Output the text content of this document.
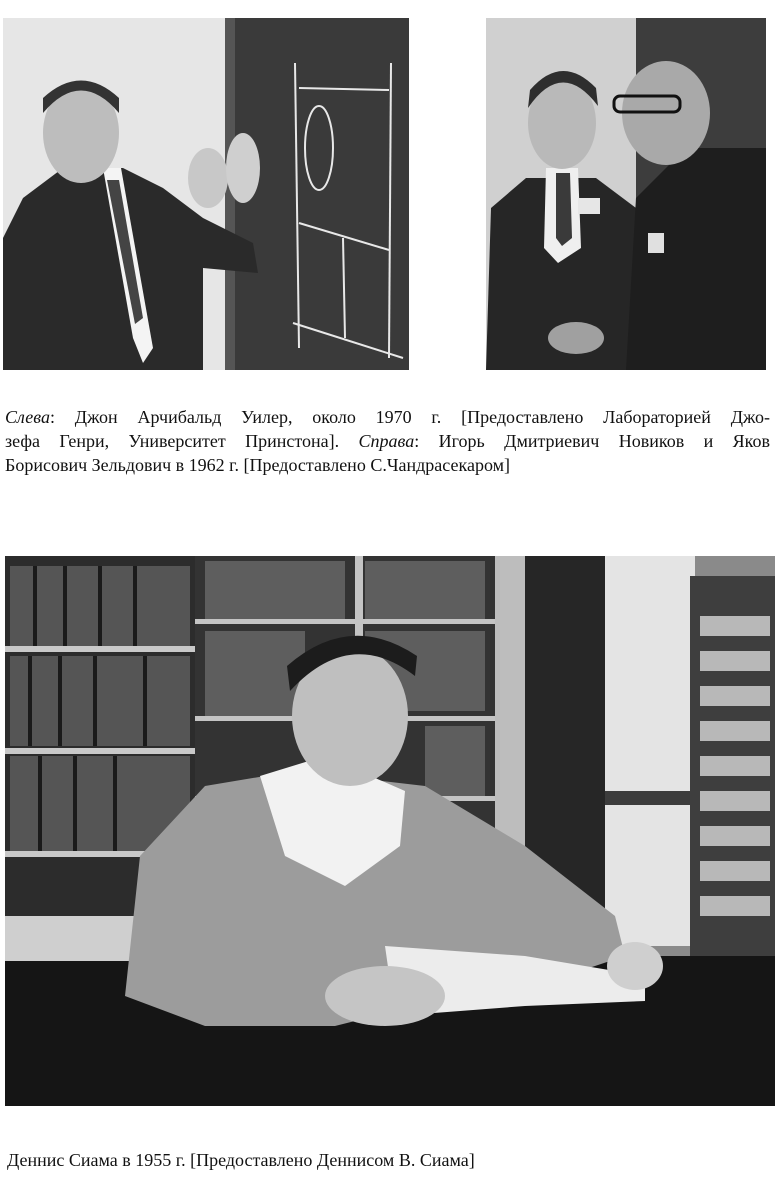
Слева: Джон Арчибальд Уилер, около 1970 г. [Предоставлено Лабораторией Джо-
зефа Генри, Университет Принстона]. Справа: Игорь Дмитриевич Новиков и Яков
Борисович Зельдович в 1962 г. [Предоставлено С.Чандрасекаром]

Деннис Сиама в 1955 г. [Предоставлено Деннисом В. Сиама]
